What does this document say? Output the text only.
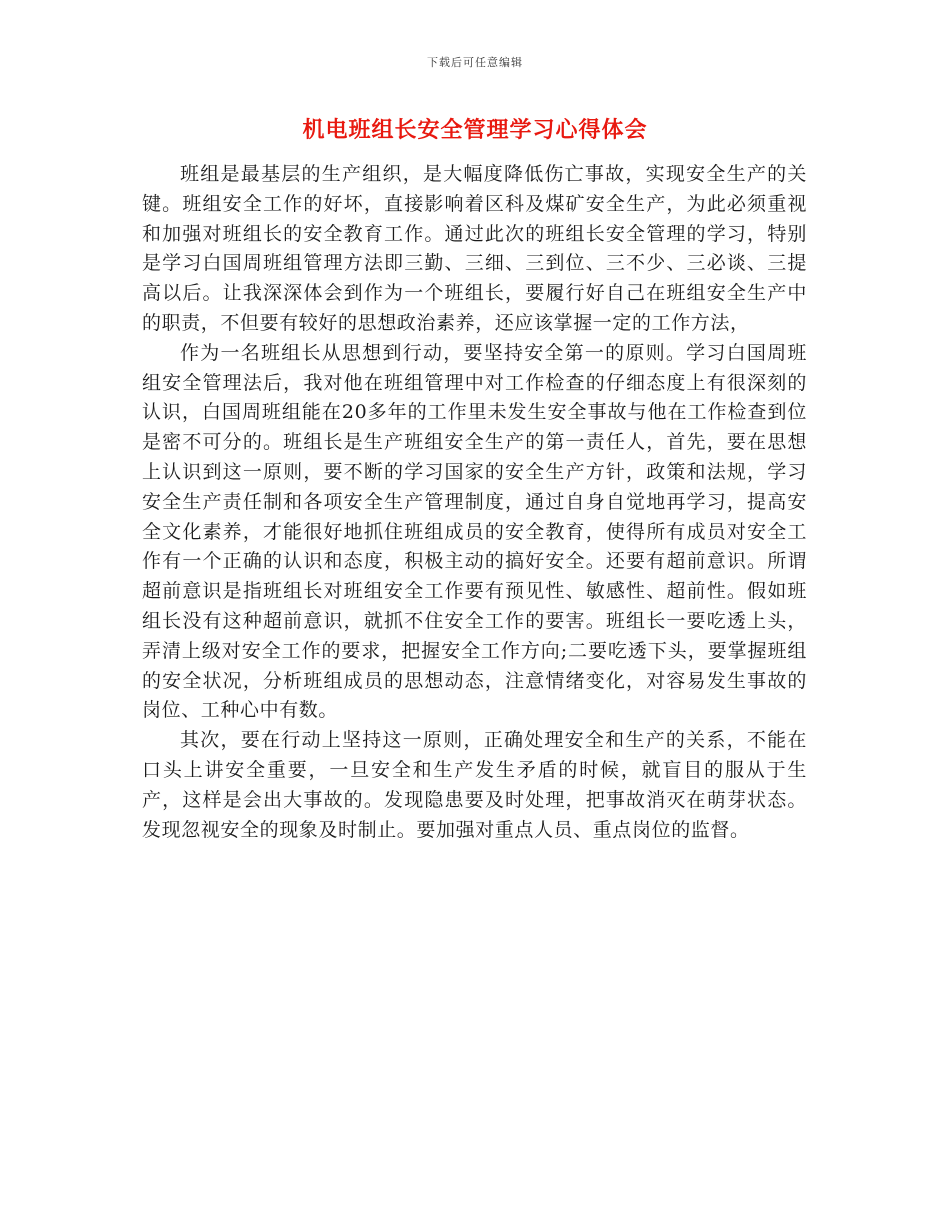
下载后可任意编辑
机电班组长安全管理学习心得体会

班组是最基层的生产组织，是大幅度降低伤亡事故，实现安全生产的关键。班组安全工作的好坏，直接影响着区科及煤矿安全生产，为此必须重视和加强对班组长的安全教育工作。通过此次的班组长安全管理的学习，特别是学习白国周班组管理方法即三勤、三细、三到位、三不少、三必谈、三提高以后。让我深深体会到作为一个班组长，要履行好自己在班组安全生产中的职责，不但要有较好的思想政治素养，还应该掌握一定的工作方法，

作为一名班组长从思想到行动，要坚持安全第一的原则。学习白国周班组安全管理法后，我对他在班组管理中对工作检查的仔细态度上有很深刻的认识，白国周班组能在20多年的工作里未发生安全事故与他在工作检查到位是密不可分的。班组长是生产班组安全生产的第一责任人，首先，要在思想上认识到这一原则，要不断的学习国家的安全生产方针，政策和法规，学习安全生产责任制和各项安全生产管理制度，通过自身自觉地再学习，提高安全文化素养，才能很好地抓住班组成员的安全教育，使得所有成员对安全工作有一个正确的认识和态度，积极主动的搞好安全。还要有超前意识。所谓超前意识是指班组长对班组安全工作要有预见性、敏感性、超前性。假如班组长没有这种超前意识，就抓不住安全工作的要害。班组长一要吃透上头，弄清上级对安全工作的要求，把握安全工作方向;二要吃透下头，要掌握班组的安全状况，分析班组成员的思想动态，注意情绪变化，对容易发生事故的岗位、工种心中有数。

其次，要在行动上坚持这一原则，正确处理安全和生产的关系，不能在口头上讲安全重要，一旦安全和生产发生矛盾的时候，就盲目的服从于生产，这样是会出大事故的。发现隐患要及时处理，把事故消灭在萌芽状态。发现忽视安全的现象及时制止。要加强对重点人员、重点岗位的监督。
